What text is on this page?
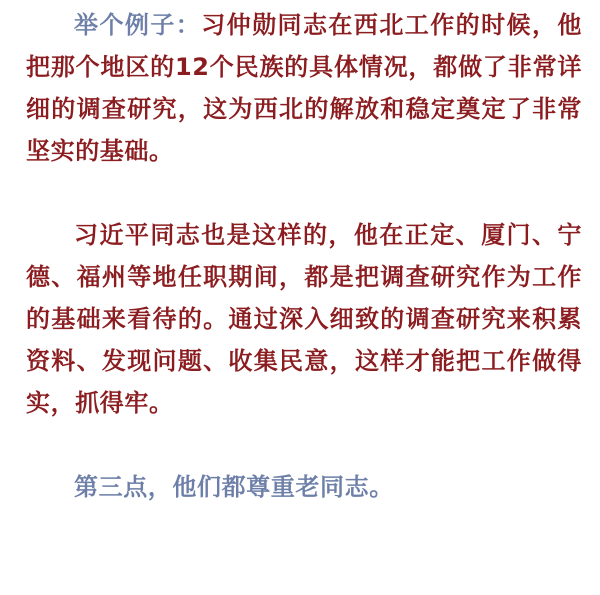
举个例子：习仲勋同志在西北工作的时候，他把那个地区的12个民族的具体情况，都做了非常详细的调查研究，这为西北的解放和稳定奠定了非常坚实的基础。

习近平同志也是这样的，他在正定、厦门、宁德、福州等地任职期间，都是把调查研究作为工作的基础来看待的。通过深入细致的调查研究来积累资料、发现问题、收集民意，这样才能把工作做得实，抓得牢。

第三点，他们都尊重老同志。
